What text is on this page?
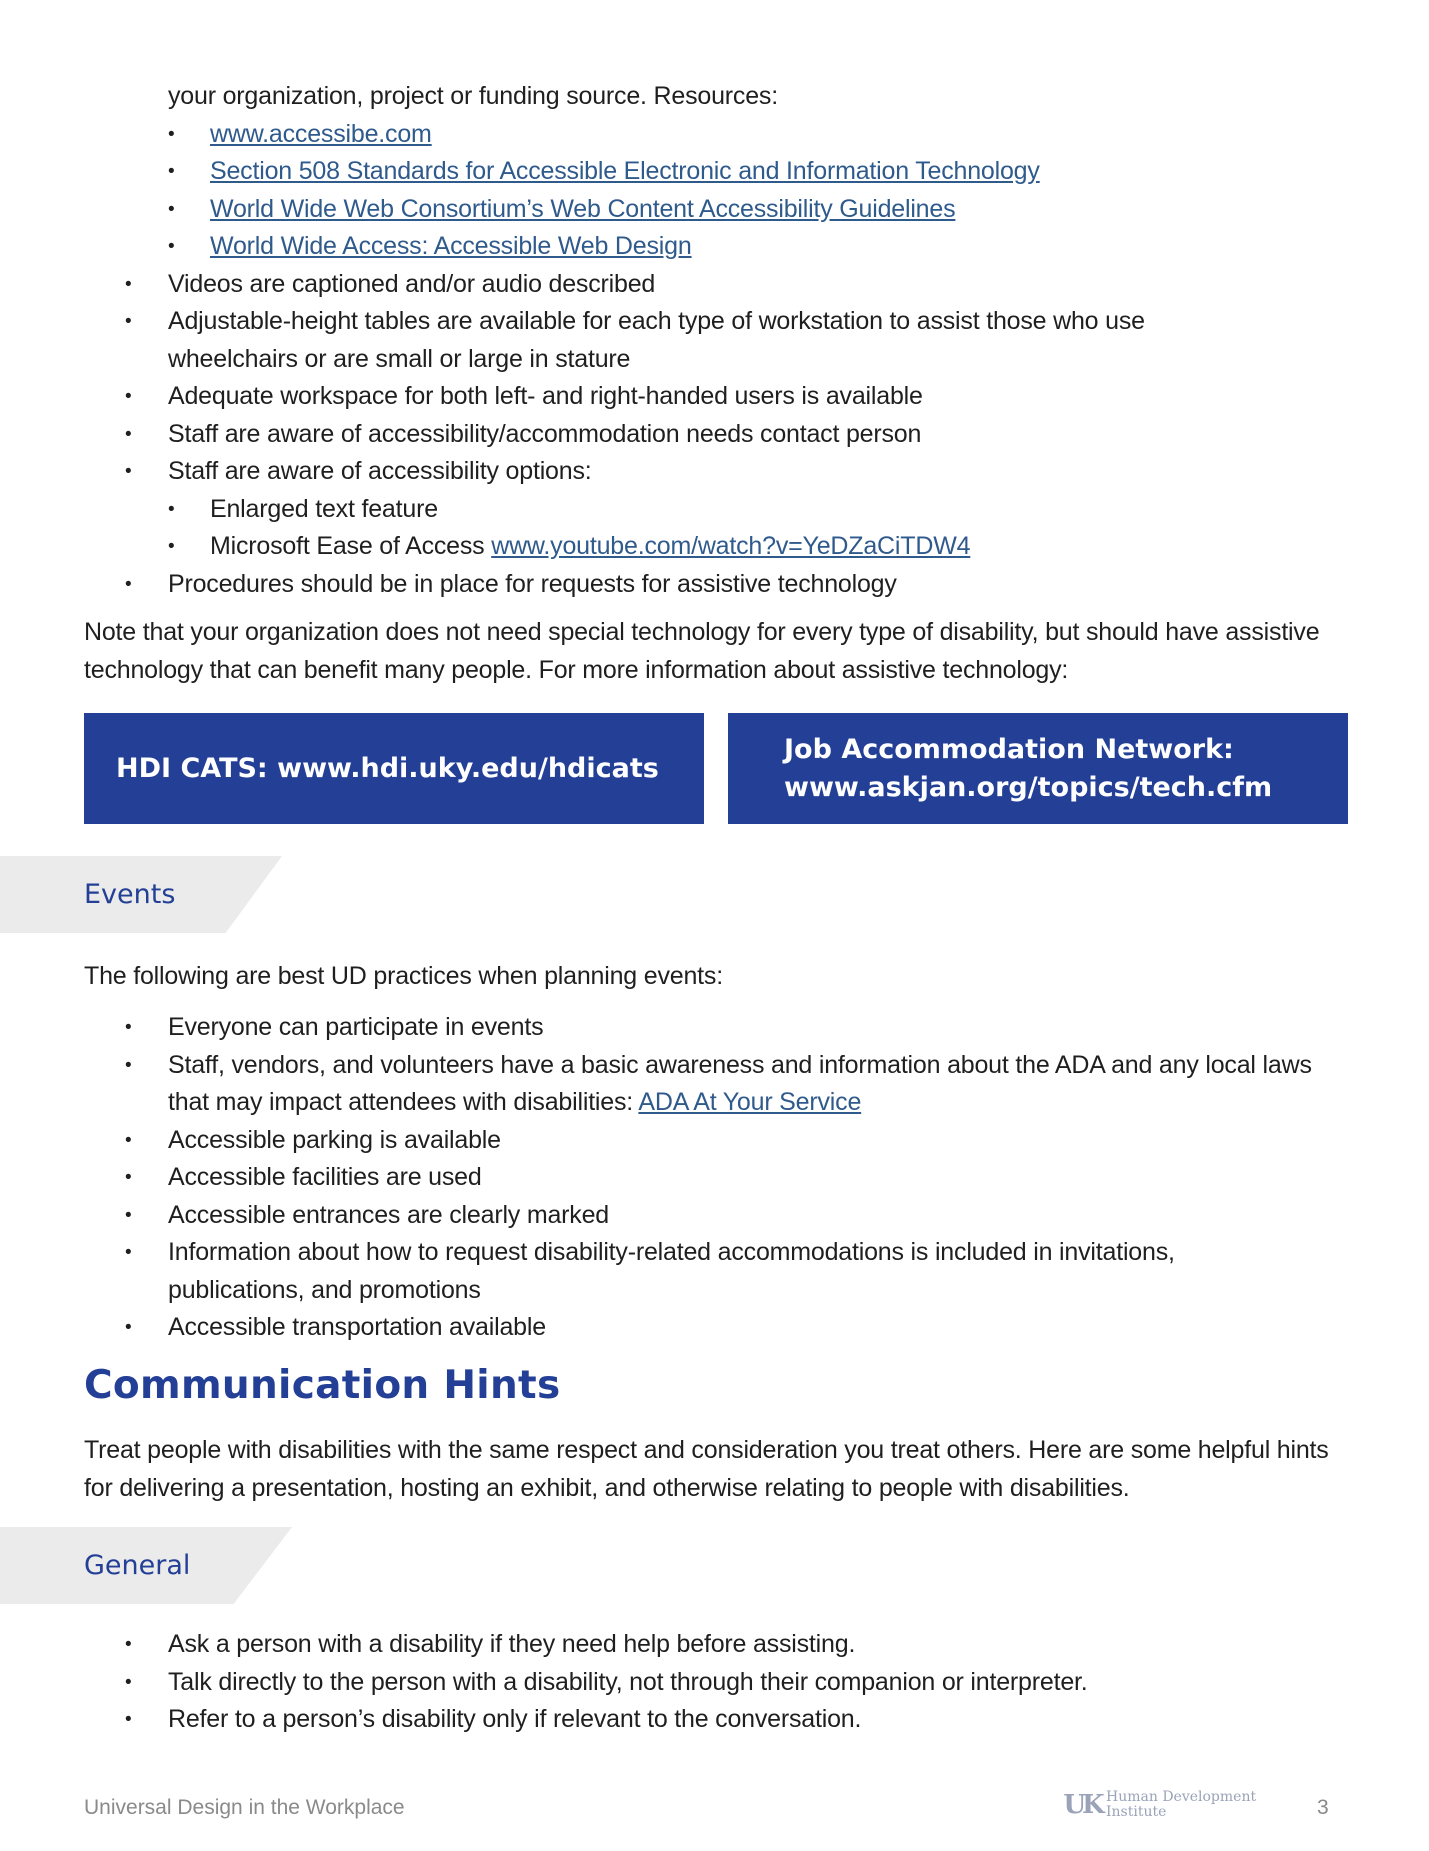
your organization, project or funding source. Resources:
• www.accessibe.com
• Section 508 Standards for Accessible Electronic and Information Technology
• World Wide Web Consortium’s Web Content Accessibility Guidelines
• World Wide Access: Accessible Web Design
• Videos are captioned and/or audio described
• Adjustable-height tables are available for each type of workstation to assist those who use wheelchairs or are small or large in stature
• Adequate workspace for both left- and right-handed users is available
• Staff are aware of accessibility/accommodation needs contact person
• Staff are aware of accessibility options:
• Enlarged text feature
• Microsoft Ease of Access www.youtube.com/watch?v=YeDZaCiTDW4
• Procedures should be in place for requests for assistive technology
Note that your organization does not need special technology for every type of disability, but should have assistive technology that can benefit many people. For more information about assistive technology:
HDI CATS: www.hdi.uky.edu/hdicats
Job Accommodation Network:
www.askjan.org/topics/tech.cfm
Events
The following are best UD practices when planning events:
• Everyone can participate in events
• Staff, vendors, and volunteers have a basic awareness and information about the ADA and any local laws that may impact attendees with disabilities: ADA At Your Service
• Accessible parking is available
• Accessible facilities are used
• Accessible entrances are clearly marked
• Information about how to request disability-related accommodations is included in invitations, publications, and promotions
• Accessible transportation available
Communication Hints
Treat people with disabilities with the same respect and consideration you treat others. Here are some helpful hints for delivering a presentation, hosting an exhibit, and otherwise relating to people with disabilities.
General
• Ask a person with a disability if they need help before assisting.
• Talk directly to the person with a disability, not through their companion or interpreter.
• Refer to a person’s disability only if relevant to the conversation.
Universal Design in the Workplace	UK Human Development
Institute	3
